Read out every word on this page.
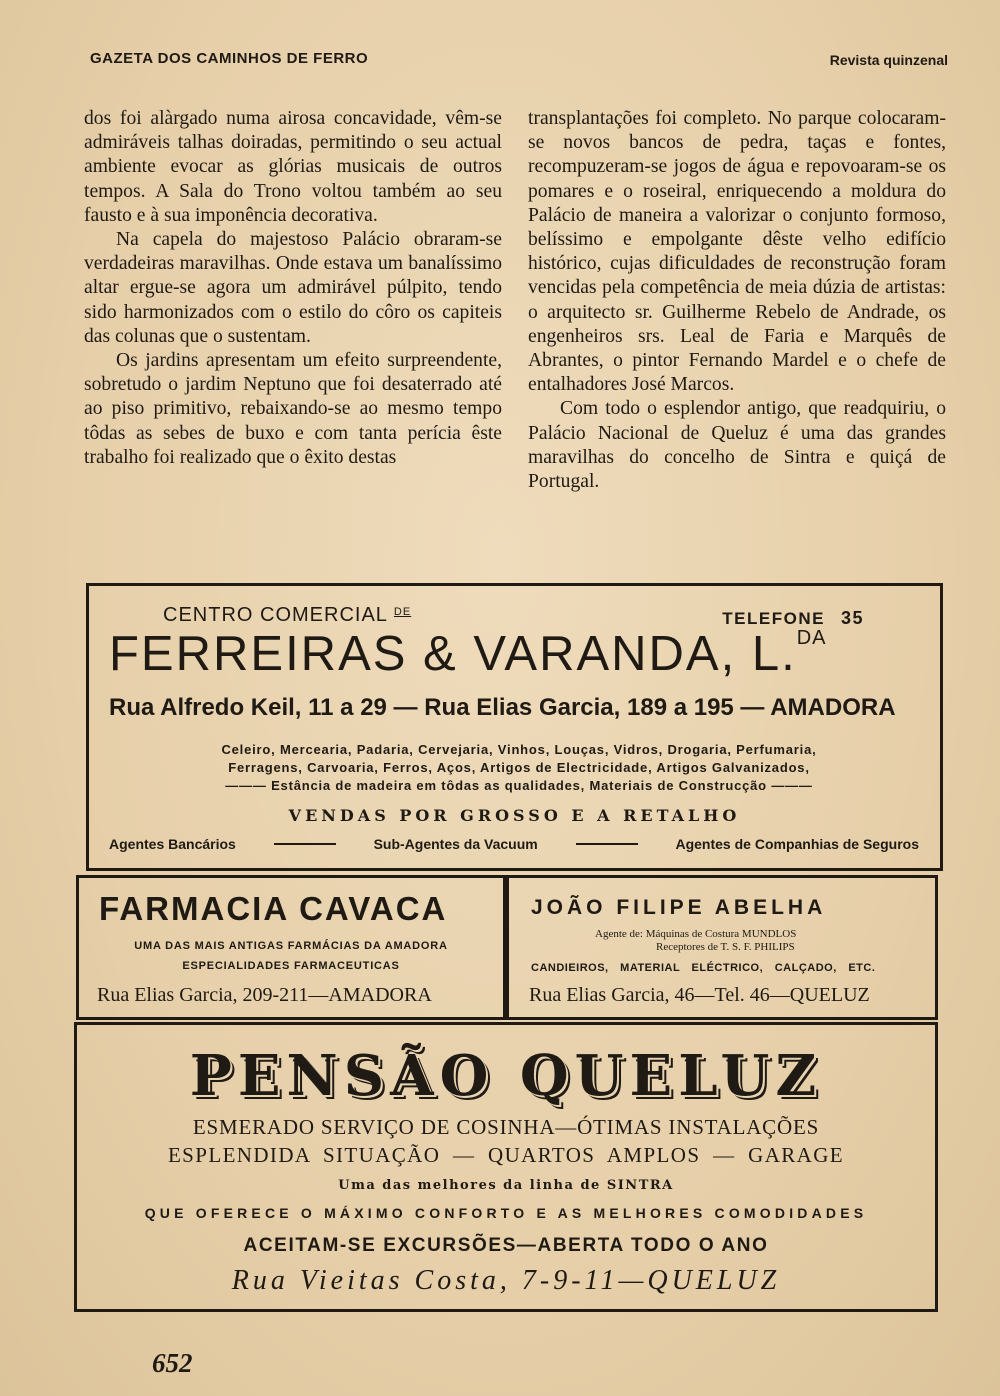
GAZETA DOS CAMINHOS DE FERRO	Revista quinzenal

dos foi alàrgado numa airosa concavidade, vêm-se admiráveis talhas doiradas, permitindo o seu actual ambiente evocar as glórias musicais de outros tempos. A Sala do Trono voltou também ao seu fausto e à sua imponência decorativa.

Na capela do majestoso Palácio obraram-se verdadeiras maravilhas. Onde estava um banalíssimo altar ergue-se agora um admirável púlpito, tendo sido harmonizados com o estilo do côro os capiteis das colunas que o sustentam.

Os jardins apresentam um efeito surpreendente, sobretudo o jardim Neptuno que foi desaterrado até ao piso primitivo, rebaixando-se ao mesmo tempo tôdas as sebes de buxo e com tanta perícia êste trabalho foi realizado que o êxito destas

transplantações foi completo. No parque colocaram-se novos bancos de pedra, taças e fontes, recompuzeram-se jogos de água e repovoaram-se os pomares e o roseiral, enriquecendo a moldura do Palácio de maneira a valorizar o conjunto formoso, belíssimo e empolgante dêste velho edifício histórico, cujas dificuldades de reconstrução foram vencidas pela competência de meia dúzia de artistas: o arquitecto sr. Guilherme Rebelo de Andrade, os engenheiros srs. Leal de Faria e Marquês de Abrantes, o pintor Fernando Mardel e o chefe de entalhadores José Marcos.

Com todo o esplendor antigo, que readquiriu, o Palácio Nacional de Queluz é uma das grandes maravilhas do concelho de Sintra e quiçá de Portugal.

CENTRO COMERCIAL $^{DE}$	TELEFONE 35
FERREIRAS & VARANDA, L.$^{DA}$
Rua Alfredo Keil, 11 a 29 — Rua Elias Garcia, 189 a 195 — AMADORA
Celeiro, Mercearia, Padaria, Cervejaria, Vinhos, Louças, Vidros, Drogaria, Perfumaria,
Ferragens, Carvoaria, Ferros, Aços, Artigos de Electricidade, Artigos Galvanizados,
——— Estância de madeira em tôdas as qualidades, Materiais de Construcção ———
VENDAS POR GROSSO E A RETALHO
Agentes Bancários	Sub-Agentes da Vacuum	Agentes de Companhias de Seguros
FARMACIA CAVACA
UMA DAS MAIS ANTIGAS FARMÁCIAS DA AMADORA
ESPECIALIDADES FARMACEUTICAS
Rua Elias Garcia, 209-211—AMADORA
JOÃO FILIPE ABELHA
Agente de: Máquinas de Costura MUNDLOS
Receptores de T. S. F. PHILIPS
CANDIEIROS, MATERIAL ELÉCTRICO, CALÇADO, ETC.
Rua Elias Garcia, 46—Tel. 46—QUELUZ
PENSÃO QUELUZ
ESMERADO SERVIÇO DE COSINHA—ÓTIMAS INSTALAÇÕES
ESPLENDIDA SITUAÇÃO — QUARTOS AMPLOS — GARAGE
Uma das melhores da linha de SINTRA
QUE OFERECE O MÁXIMO CONFORTO E AS MELHORES COMODIDADES
ACEITAM-SE EXCURSÕES—ABERTA TODO O ANO
Rua Vieitas Costa, 7-9-11—QUELUZ
652
